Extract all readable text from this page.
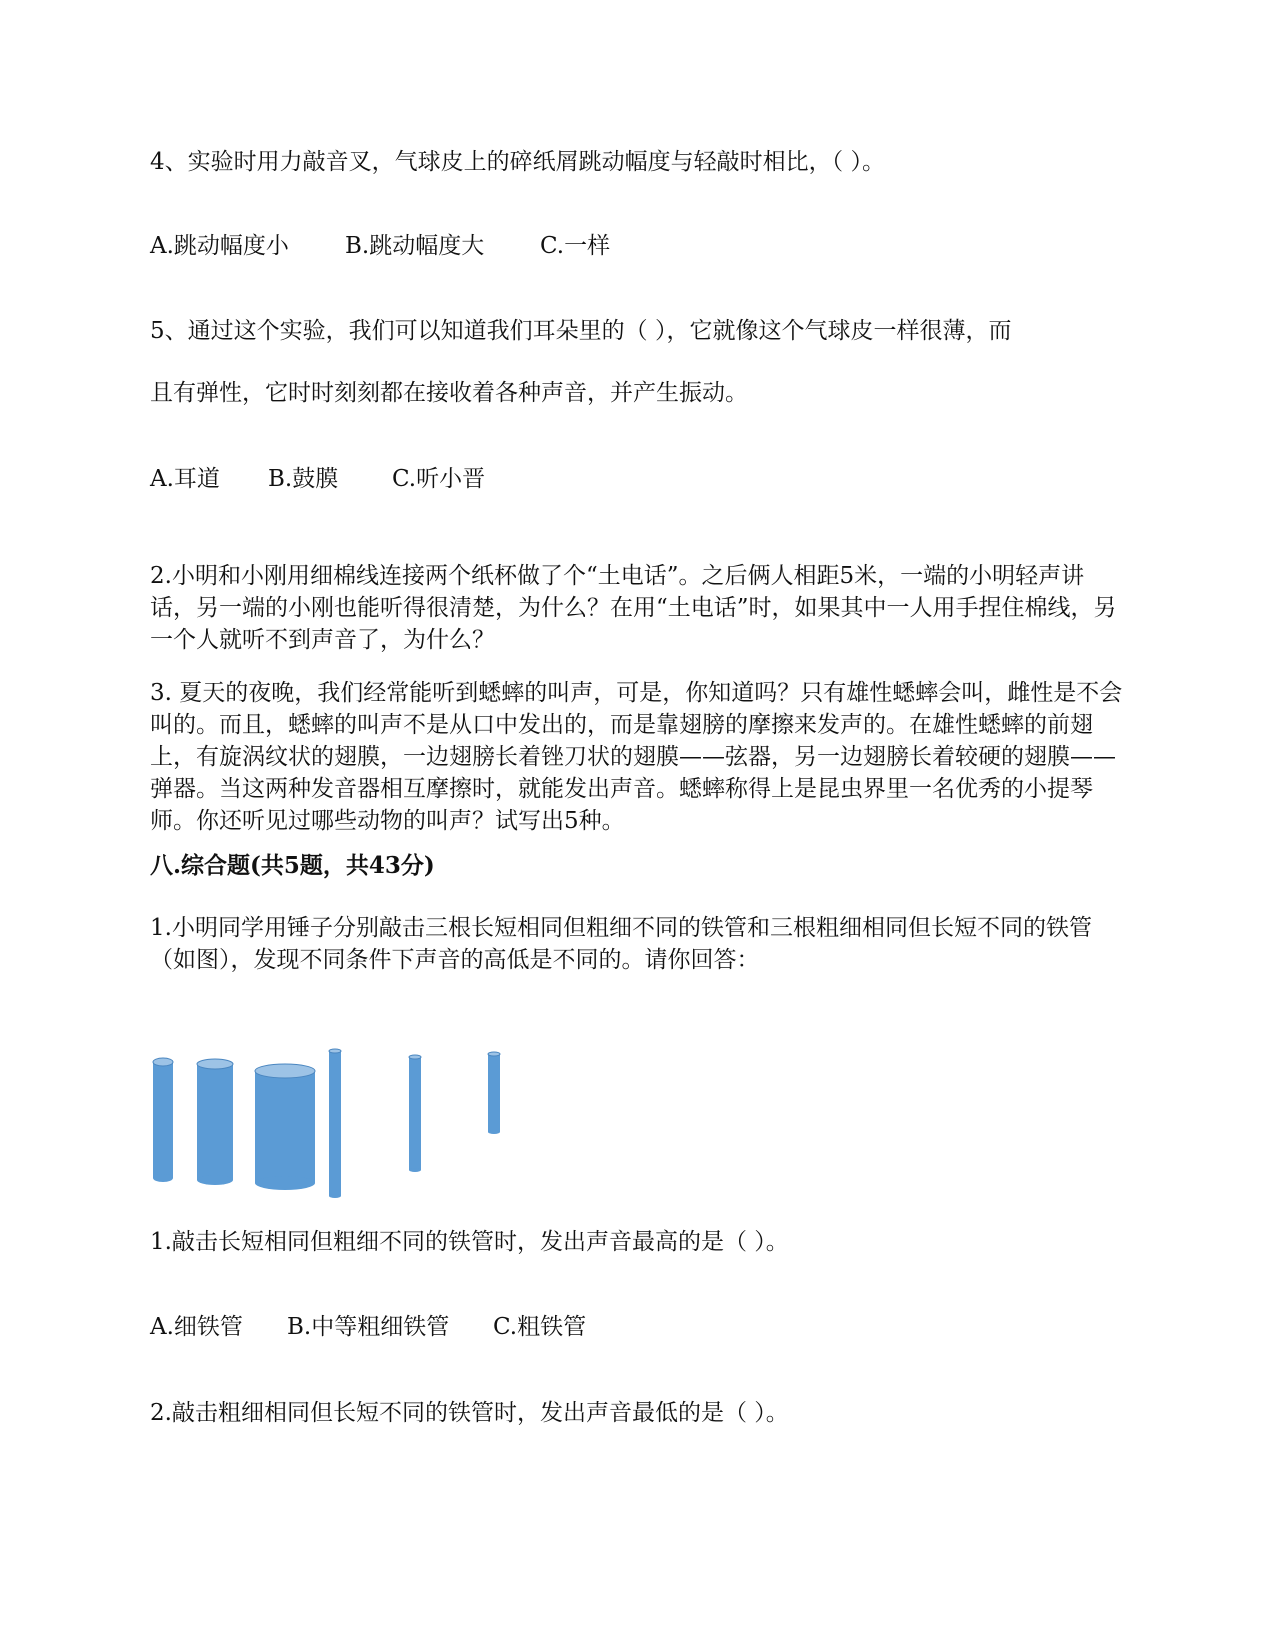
4、实验时用力敲音叉，气球皮上的碎纸屑跳动幅度与轻敲时相比，（ ）。
A.跳动幅度小 B.跳动幅度大 C.一样
5、通过这个实验，我们可以知道我们耳朵里的（ ），它就像这个气球皮一样很薄，而
且有弹性，它时时刻刻都在接收着各种声音，并产生振动。
A.耳道 B.鼓膜 C.听小晋
2.小明和小刚用细棉线连接两个纸杯做了个“土电话”。之后俩人相距5米，一端的小明轻声讲话，另一端的小刚也能听得很清楚，为什么？在用“土电话”时，如果其中一人用手捏住棉线，另一个人就听不到声音了，为什么？
3. 夏天的夜晚，我们经常能听到蟋蟀的叫声，可是，你知道吗？只有雄性蟋蟀会叫，雌性是不会叫的。而且，蟋蟀的叫声不是从口中发出的，而是靠翅膀的摩擦来发声的。在雄性蟋蟀的前翅上，有旋涡纹状的翅膜，一边翅膀长着锉刀状的翅膜——弦器，另一边翅膀长着较硬的翅膜——弹器。当这两种发音器相互摩擦时，就能发出声音。蟋蟀称得上是昆虫界里一名优秀的小提琴师。你还听见过哪些动物的叫声？试写出5种。
八.综合题(共5题，共43分)
1.小明同学用锤子分别敲击三根长短相同但粗细不同的铁管和三根粗细相同但长短不同的铁管（如图），发现不同条件下声音的高低是不同的。请你回答：
1.敲击长短相同但粗细不同的铁管时，发出声音最高的是（ ）。
A.细铁管 B.中等粗细铁管 C.粗铁管
2.敲击粗细相同但长短不同的铁管时，发出声音最低的是（ ）。
